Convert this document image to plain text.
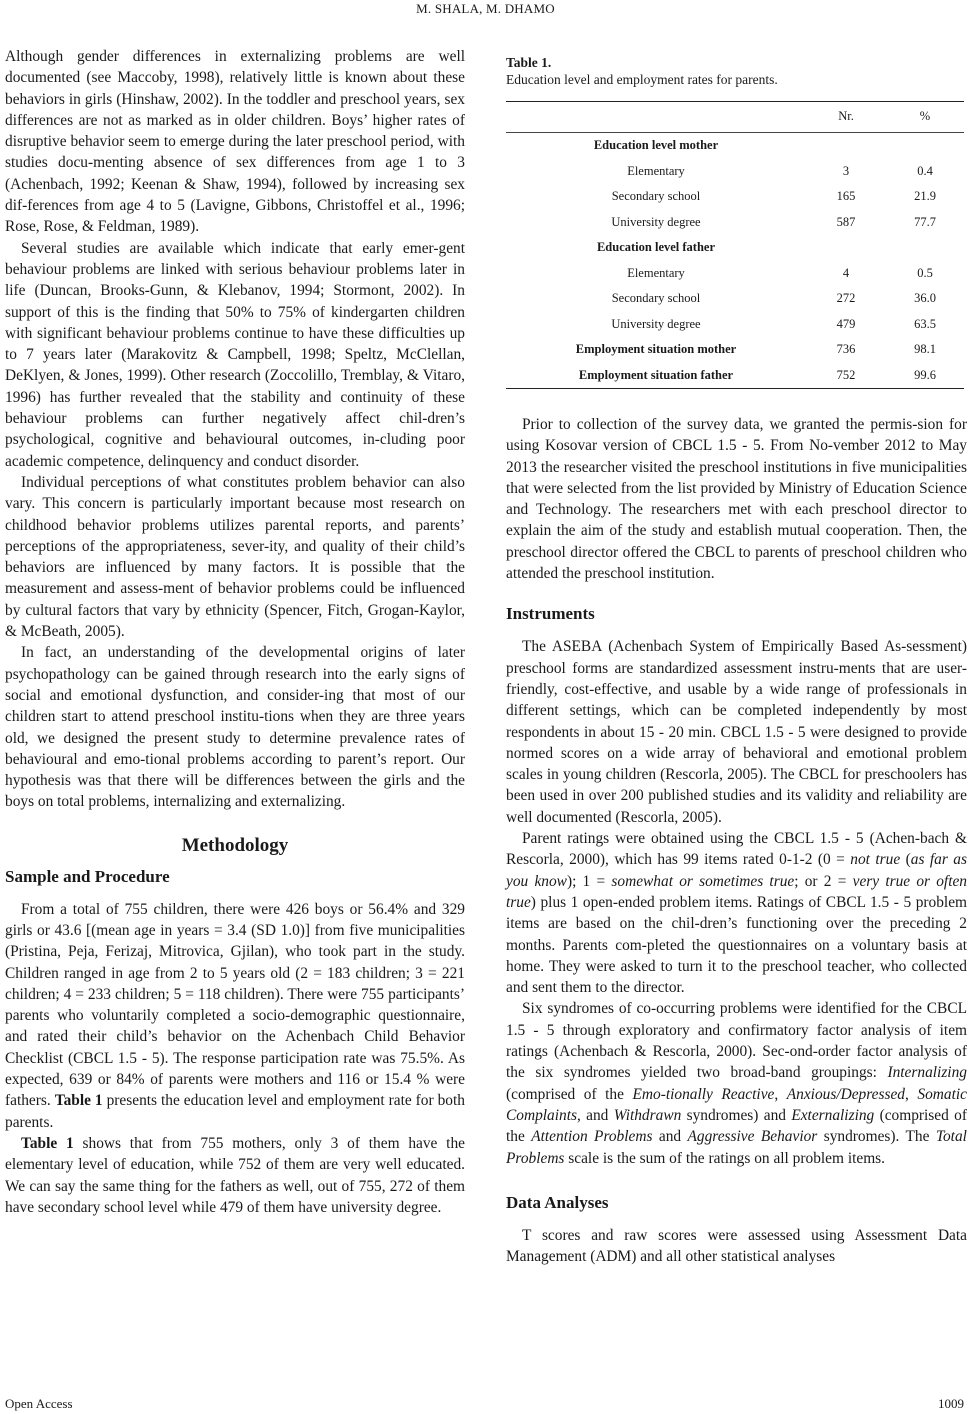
M. SHALA, M. DHAMO

Although gender differences in externalizing problems are well documented (see Maccoby, 1998), relatively little is known about these behaviors in girls (Hinshaw, 2002). In the toddler and preschool years, sex differences are not as marked as in older children. Boys’ higher rates of disruptive behavior seem to emerge during the later preschool period, with studies docu-menting absence of sex differences from age 1 to 3 (Achenbach, 1992; Keenan & Shaw, 1994), followed by increasing sex dif-ferences from age 4 to 5 (Lavigne, Gibbons, Christoffel et al., 1996; Rose, Rose, & Feldman, 1989).

Several studies are available which indicate that early emer-gent behaviour problems are linked with serious behaviour problems later in life (Duncan, Brooks-Gunn, & Klebanov, 1994; Stormont, 2002). In support of this is the finding that 50% to 75% of kindergarten children with significant behaviour problems continue to have these difficulties up to 7 years later (Marakovitz & Campbell, 1998; Speltz, McClellan, DeKlyen, & Jones, 1999). Other research (Zoccolillo, Tremblay, & Vitaro, 1996) has further revealed that the stability and continuity of these behaviour problems can further negatively affect chil-dren’s psychological, cognitive and behavioural outcomes, in-cluding poor academic competence, delinquency and conduct disorder.

Individual perceptions of what constitutes problem behavior can also vary. This concern is particularly important because most research on childhood behavior problems utilizes parental reports, and parents’ perceptions of the appropriateness, sever-ity, and quality of their child’s behaviors are influenced by many factors. It is possible that the measurement and assess-ment of behavior problems could be influenced by cultural factors that vary by ethnicity (Spencer, Fitch, Grogan-Kaylor, & McBeath, 2005).

In fact, an understanding of the developmental origins of later psychopathology can be gained through research into the early signs of social and emotional dysfunction, and consider-ing that most of our children start to attend preschool institu-tions when they are three years old, we designed the present study to determine prevalence rates of behavioural and emo-tional problems according to parent’s report. Our hypothesis was that there will be differences between the girls and the boys on total problems, internalizing and externalizing.

Methodology
Sample and Procedure

From a total of 755 children, there were 426 boys or 56.4% and 329 girls or 43.6 [(mean age in years = 3.4 (SD 1.0)] from five municipalities (Pristina, Peja, Ferizaj, Mitrovica, Gjilan), who took part in the study. Children ranged in age from 2 to 5 years old (2 = 183 children; 3 = 221 children; 4 = 233 children; 5 = 118 children). There were 755 participants’ parents who voluntarily completed a socio-demographic questionnaire, and rated their child’s behavior on the Achenbach Child Behavior Checklist (CBCL 1.5 - 5). The response participation rate was 75.5%. As expected, 639 or 84% of parents were mothers and 116 or 15.4 % were fathers. Table 1 presents the education level and employment rate for both parents.

Table 1 shows that from 755 mothers, only 3 of them have the elementary level of education, while 752 of them are very well educated. We can say the same thing for the fathers as well, out of 755, 272 of them have secondary school level while 479 of them have university degree.

Table 1.
Education level and employment rates for parents.
	Nr.	%
Education level mother		
Elementary	3	0.4
Secondary school	165	21.9
University degree	587	77.7
Education level father		
Elementary	4	0.5
Secondary school	272	36.0
University degree	479	63.5
Employment situation mother	736	98.1
Employment situation father	752	99.6

Prior to collection of the survey data, we granted the permis-sion for using Kosovar version of CBCL 1.5 - 5. From No-vember 2012 to May 2013 the researcher visited the preschool institutions in five municipalities that were selected from the list provided by Ministry of Education Science and Technology. The researchers met with each preschool director to explain the aim of the study and establish mutual cooperation. Then, the preschool director offered the CBCL to parents of preschool children who attended the preschool institution.

Instruments

The ASEBA (Achenbach System of Empirically Based As-sessment) preschool forms are standardized assessment instru-ments that are user-friendly, cost-effective, and usable by a wide range of professionals in different settings, which can be completed independently by most respondents in about 15 - 20 min. CBCL 1.5 - 5 were designed to provide normed scores on a wide array of behavioral and emotional problem scales in young children (Rescorla, 2005). The CBCL for preschoolers has been used in over 200 published studies and its validity and reliability are well documented (Rescorla, 2005).

Parent ratings were obtained using the CBCL 1.5 - 5 (Achen-bach & Rescorla, 2000), which has 99 items rated 0-1-2 (0 = not true (as far as you know); 1 = somewhat or sometimes true; or 2 = very true or often true) plus 1 open-ended problem items. Ratings of CBCL 1.5 - 5 problem items are based on the chil-dren’s functioning over the preceding 2 months. Parents com-pleted the questionnaires on a voluntary basis at home. They were asked to turn it to the preschool teacher, who collected and sent them to the director.

Six syndromes of co-occurring problems were identified for the CBCL 1.5 - 5 through exploratory and confirmatory factor analysis of item ratings (Achenbach & Rescorla, 2000). Sec-ond-order factor analysis of the six syndromes yielded two broad-band groupings: Internalizing (comprised of the Emo-tionally Reactive, Anxious/Depressed, Somatic Complaints, and Withdrawn syndromes) and Externalizing (comprised of the Attention Problems and Aggressive Behavior syndromes). The Total Problems scale is the sum of the ratings on all problem items.

Data Analyses

T scores and raw scores were assessed using Assessment Data Management (ADM) and all other statistical analyses

Open Access	1009
